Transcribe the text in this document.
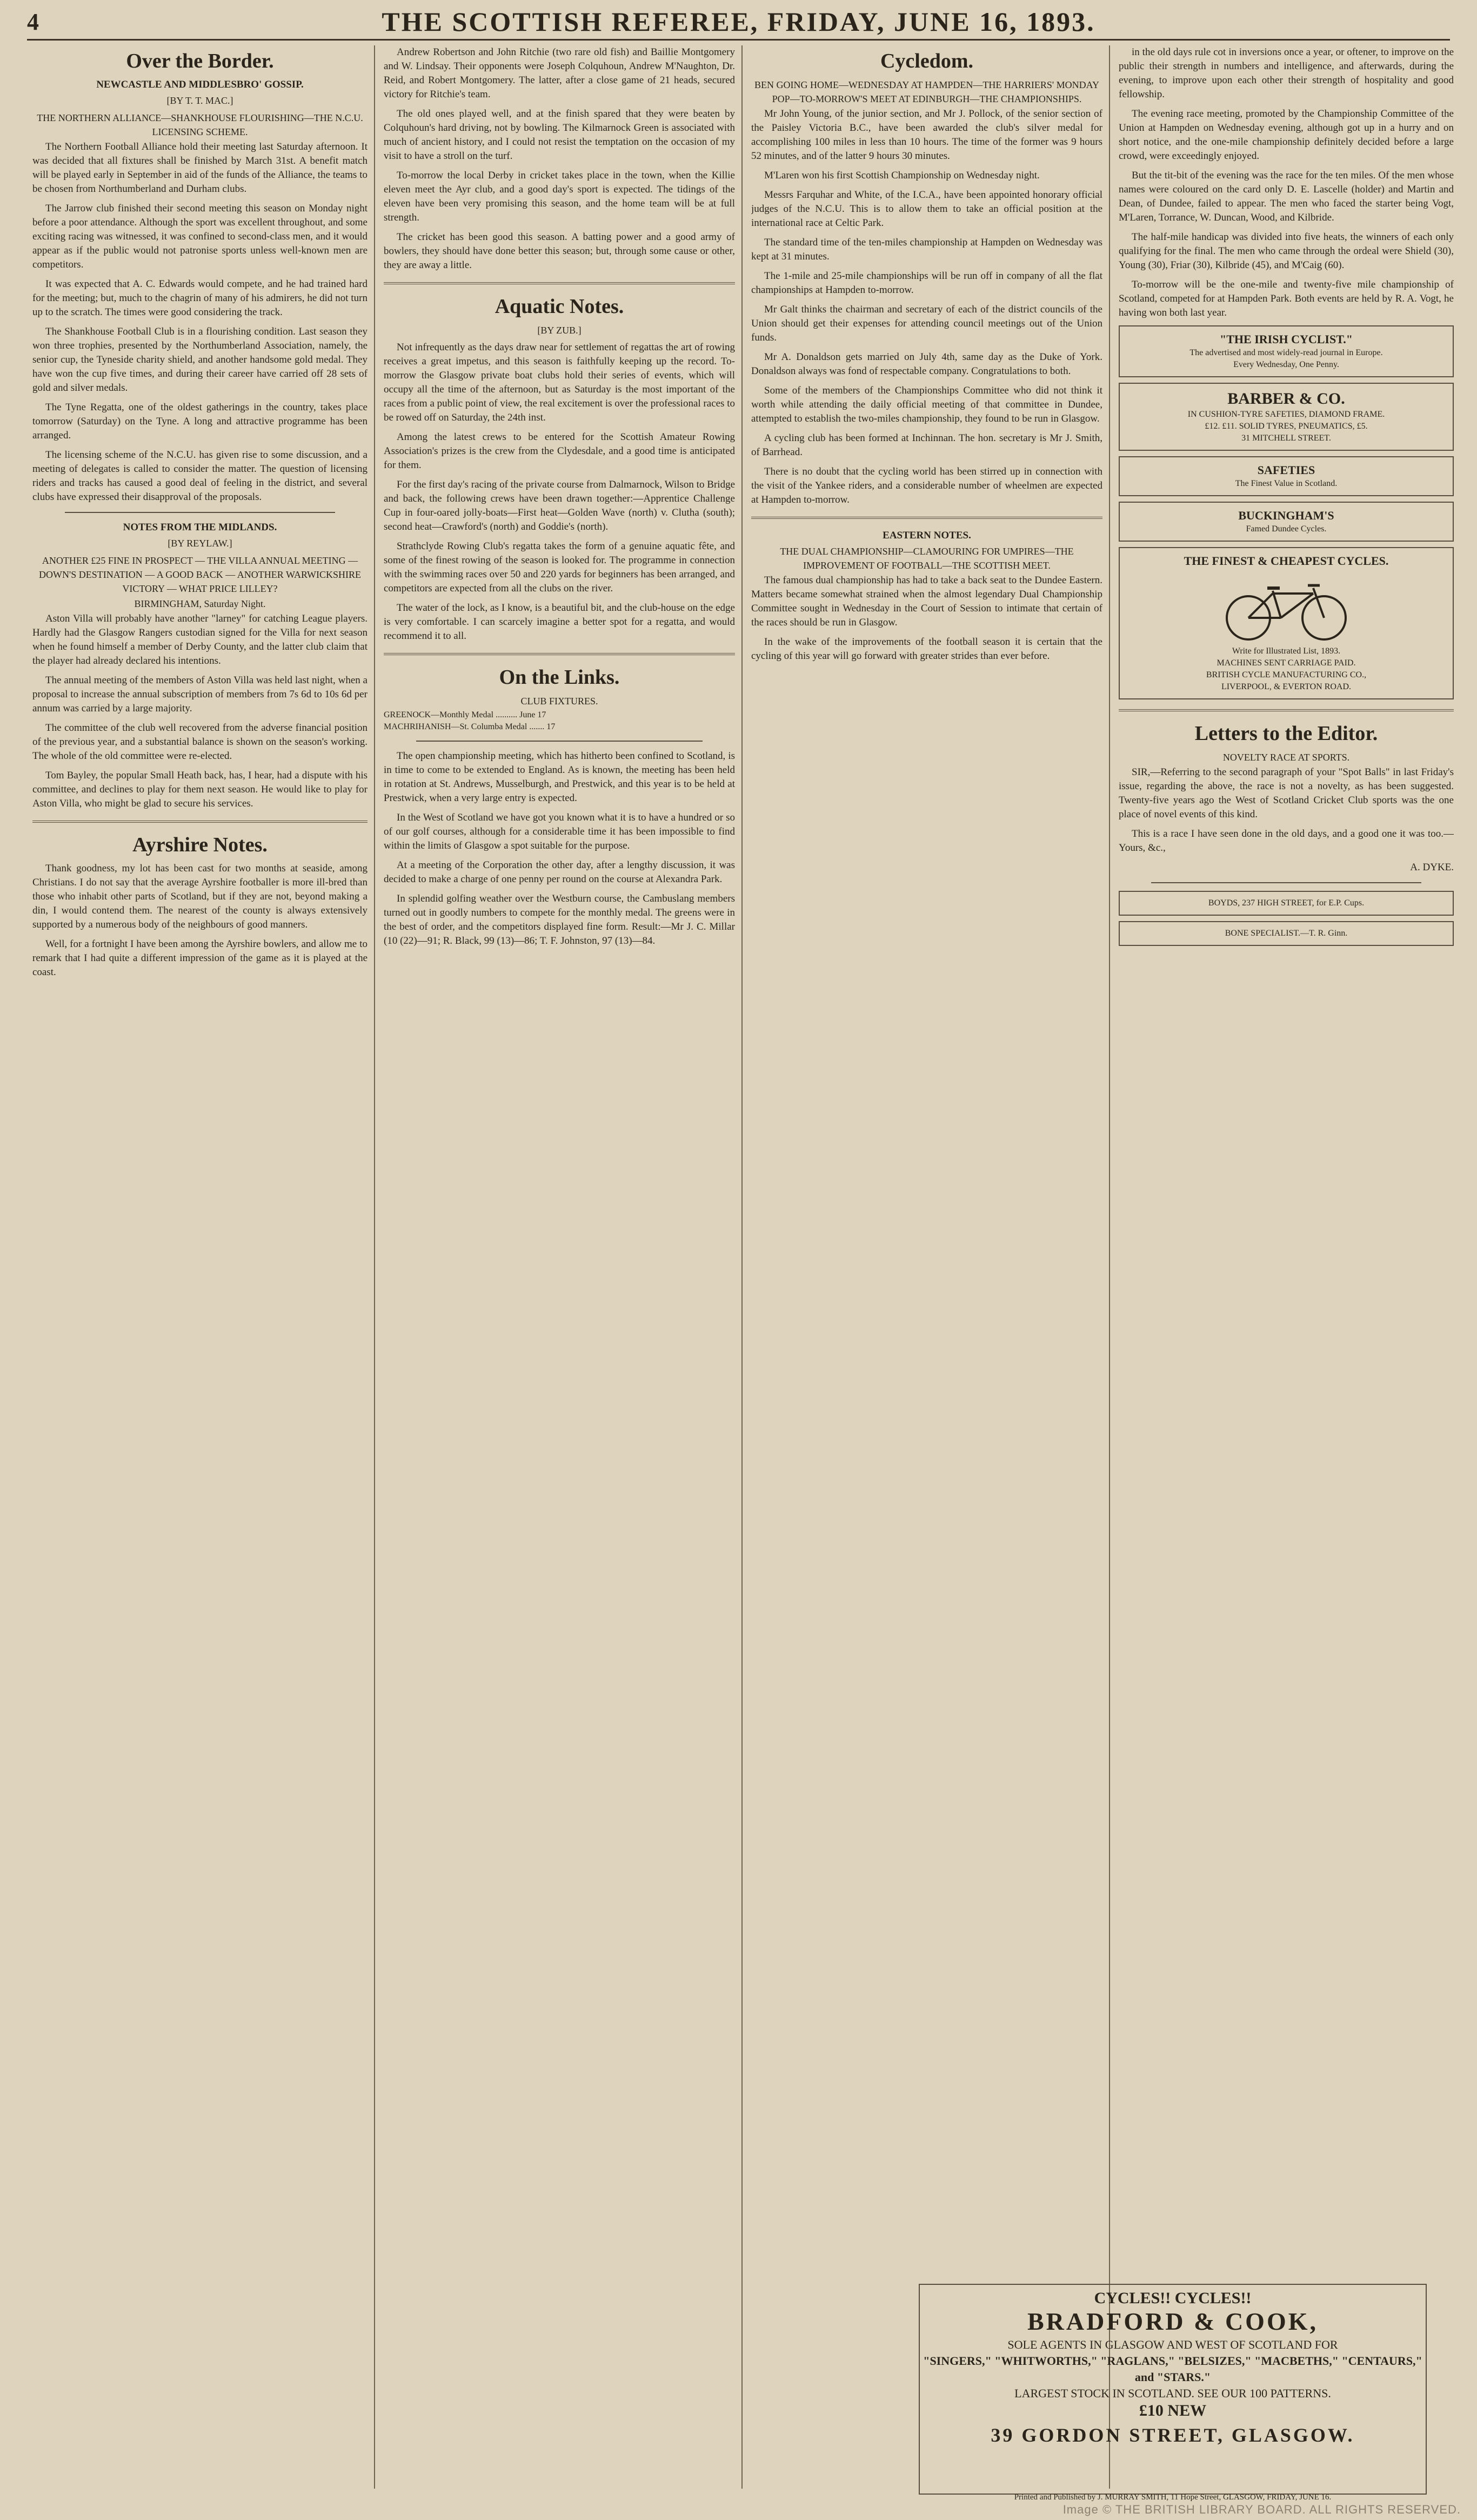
4	THE SCOTTISH REFEREE, FRIDAY, JUNE 16, 1893.
Over the Border.
NEWCASTLE AND MIDDLESBRO' GOSSIP.
[BY T. T. MAC.]
THE NORTHERN ALLIANCE—SHANKHOUSE FLOURISHING—THE N.C.U. LICENSING SCHEME.

The Northern Football Alliance hold their meeting last Saturday afternoon. It was decided that all fixtures shall be finished by March 31st. A benefit match will be played early in September in aid of the funds of the Alliance, the teams to be chosen from Northumberland and Durham clubs.

The Jarrow club finished their second meeting this season on Monday night before a poor attendance. Although the sport was excellent throughout, and some exciting racing was witnessed, it was confined to second-class men, and it would appear as if the public would not patronise sports unless well-known men are competitors.

It was expected that A. C. Edwards would compete, and he had trained hard for the meeting; but, much to the chagrin of many of his admirers, he did not turn up to the scratch. The times were good considering the track.

The Shankhouse Football Club is in a flourishing condition. Last season they won three trophies, presented by the Northumberland Association, namely, the senior cup, the Tyneside charity shield, and another handsome gold medal. They have won the cup five times, and during their career have carried off 28 sets of gold and silver medals.

The Tyne Regatta, one of the oldest gatherings in the country, takes place tomorrow (Saturday) on the Tyne. A long and attractive programme has been arranged.

The licensing scheme of the N.C.U. has given rise to some discussion, and a meeting of delegates is called to consider the matter. The question of licensing riders and tracks has caused a good deal of feeling in the district, and several clubs have expressed their disapproval of the proposals.

NOTES FROM THE MIDLANDS.
[BY REYLAW.]
ANOTHER £25 FINE IN PROSPECT — THE VILLA ANNUAL MEETING — DOWN'S DESTINATION — A GOOD BACK — ANOTHER WARWICKSHIRE VICTORY — WHAT PRICE LILLEY?
BIRMINGHAM, Saturday Night.

Aston Villa will probably have another "larney" for catching League players. Hardly had the Glasgow Rangers custodian signed for the Villa for next season when he found himself a member of Derby County, and the latter club claim that the player had already declared his intentions.

The annual meeting of the members of Aston Villa was held last night, when a proposal to increase the annual subscription of members from 7s 6d to 10s 6d per annum was carried by a large majority.

The committee of the club well recovered from the adverse financial position of the previous year, and a substantial balance is shown on the season's working. The whole of the old committee were re-elected.

Tom Bayley, the popular Small Heath back, has, I hear, had a dispute with his committee, and declines to play for them next season. He would like to play for Aston Villa, who might be glad to secure his services.

Ayrshire Notes.

Thank goodness, my lot has been cast for two months at seaside, among Christians. I do not say that the average Ayrshire footballer is more ill-bred than those who inhabit other parts of Scotland, but if they are not, beyond making a din, I would contend them. The nearest of the county is always extensively supported by a numerous body of the neighbours of good manners.

Well, for a fortnight I have been among the Ayrshire bowlers, and allow me to remark that I had quite a different impression of the game as it is played at the coast.

Andrew Robertson and John Ritchie (two rare old fish) and Baillie Montgomery and W. Lindsay. Their opponents were Joseph Colquhoun, Andrew M'Naughton, Dr. Reid, and Robert Montgomery. The latter, after a close game of 21 heads, secured victory for Ritchie's team.

The old ones played well, and at the finish spared that they were beaten by Colquhoun's hard driving, not by bowling. The Kilmarnock Green is associated with much of ancient history, and I could not resist the temptation on the occasion of my visit to have a stroll on the turf.

To-morrow the local Derby in cricket takes place in the town, when the Killie eleven meet the Ayr club, and a good day's sport is expected. The tidings of the eleven have been very promising this season, and the home team will be at full strength.

The cricket has been good this season. A batting power and a good army of bowlers, they should have done better this season; but, through some cause or other, they are away a little.

Aquatic Notes.
[BY ZUB.]

Not infrequently as the days draw near for settlement of regattas the art of rowing receives a great impetus, and this season is faithfully keeping up the record. To-morrow the Glasgow private boat clubs hold their series of events, which will occupy all the time of the afternoon, but as Saturday is the most important of the races from a public point of view, the real excitement is over the professional races to be rowed off on Saturday, the 24th inst.

Among the latest crews to be entered for the Scottish Amateur Rowing Association's prizes is the crew from the Clydesdale, and a good time is anticipated for them.

For the first day's racing of the private course from Dalmarnock, Wilson to Bridge and back, the following crews have been drawn together:—Apprentice Challenge Cup in four-oared jolly-boats—First heat—Golden Wave (north) v. Clutha (south); second heat—Crawford's (north) and Goddie's (north).

Strathclyde Rowing Club's regatta takes the form of a genuine aquatic fête, and some of the finest rowing of the season is looked for. The programme in connection with the swimming races over 50 and 220 yards for beginners has been arranged, and competitors are expected from all the clubs on the river.

The water of the lock, as I know, is a beautiful bit, and the club-house on the edge is very comfortable. I can scarcely imagine a better spot for a regatta, and would recommend it to all.

On the Links.
CLUB FIXTURES.
GREENOCK—Monthly Medal .......... June 17
MACHRIHANISH—St. Columba Medal ....... 17

The open championship meeting, which has hitherto been confined to Scotland, is in time to come to be extended to England. As is known, the meeting has been held in rotation at St. Andrews, Musselburgh, and Prestwick, and this year is to be held at Prestwick, when a very large entry is expected.

In the West of Scotland we have got you known what it is to have a hundred or so of our golf courses, although for a considerable time it has been impossible to find within the limits of Glasgow a spot suitable for the purpose.

At a meeting of the Corporation the other day, after a lengthy discussion, it was decided to make a charge of one penny per round on the course at Alexandra Park.

In splendid golfing weather over the Westburn course, the Cambuslang members turned out in goodly numbers to compete for the monthly medal. The greens were in the best of order, and the competitors displayed fine form. Result:—Mr J. C. Millar (10 (22)—91; R. Black, 99 (13)—86; T. F. Johnston, 97 (13)—84.

Cycledom.
BEN GOING HOME—WEDNESDAY AT HAMPDEN—THE HARRIERS' MONDAY POP—TO-MORROW'S MEET AT EDINBURGH—THE CHAMPIONSHIPS.

Mr John Young, of the junior section, and Mr J. Pollock, of the senior section of the Paisley Victoria B.C., have been awarded the club's silver medal for accomplishing 100 miles in less than 10 hours. The time of the former was 9 hours 52 minutes, and of the latter 9 hours 30 minutes.

M'Laren won his first Scottish Championship on Wednesday night.

Messrs Farquhar and White, of the I.C.A., have been appointed honorary official judges of the N.C.U. This is to allow them to take an official position at the international race at Celtic Park.

The standard time of the ten-miles championship at Hampden on Wednesday was kept at 31 minutes.

The 1-mile and 25-mile championships will be run off in company of all the flat championships at Hampden to-morrow.

Mr Galt thinks the chairman and secretary of each of the district councils of the Union should get their expenses for attending council meetings out of the Union funds.

Mr A. Donaldson gets married on July 4th, same day as the Duke of York. Donaldson always was fond of respectable company. Congratulations to both.

Some of the members of the Championships Committee who did not think it worth while attending the daily official meeting of that committee in Dundee, attempted to establish the two-miles championship, they found to be run in Glasgow.

A cycling club has been formed at Inchinnan. The hon. secretary is Mr J. Smith, of Barrhead.

There is no doubt that the cycling world has been stirred up in connection with the visit of the Yankee riders, and a considerable number of wheelmen are expected at Hampden to-morrow.

EASTERN NOTES.
THE DUAL CHAMPIONSHIP—CLAMOURING FOR UMPIRES—THE IMPROVEMENT OF FOOTBALL—THE SCOTTISH MEET.

The famous dual championship has had to take a back seat to the Dundee Eastern. Matters became somewhat strained when the almost legendary Dual Championship Committee sought in Wednesday in the Court of Session to intimate that certain of the races should be run in Glasgow.

In the wake of the improvements of the football season it is certain that the cycling of this year will go forward with greater strides than ever before.

in the old days rule cot in inversions once a year, or oftener, to improve on the public their strength in numbers and intelligence, and afterwards, during the evening, to improve upon each other their strength of hospitality and good fellowship.

The evening race meeting, promoted by the Championship Committee of the Union at Hampden on Wednesday evening, although got up in a hurry and on short notice, and the one-mile championship definitely decided before a large crowd, were exceedingly enjoyed.

But the tit-bit of the evening was the race for the ten miles. Of the men whose names were coloured on the card only D. E. Lascelle (holder) and Martin and Dean, of Dundee, failed to appear. The men who faced the starter being Vogt, M'Laren, Torrance, W. Duncan, Wood, and Kilbride.

The half-mile handicap was divided into five heats, the winners of each only qualifying for the final. The men who came through the ordeal were Shield (30), Young (30), Friar (30), Kilbride (45), and M'Caig (60).

To-morrow will be the one-mile and twenty-five mile championship of Scotland, competed for at Hampden Park. Both events are held by R. A. Vogt, he having won both last year.

"THE IRISH CYCLIST."
The advertised and most widely-read journal in Europe.
Every Wednesday, One Penny.
BARBER & CO.
IN CUSHION-TYRE SAFETIES, DIAMOND FRAME.
£12. £11. SOLID TYRES, PNEUMATICS, £5.
31 MITCHELL STREET.
SAFETIES
The Finest Value in Scotland.
BUCKINGHAM'S
Famed Dundee Cycles.
THE FINEST & CHEAPEST CYCLES.
Write for Illustrated List, 1893.
MACHINES SENT CARRIAGE PAID.
BRITISH CYCLE MANUFACTURING CO.,
LIVERPOOL, & EVERTON ROAD.
Letters to the Editor.
NOVELTY RACE AT SPORTS.

SIR,—Referring to the second paragraph of your "Spot Balls" in last Friday's issue, regarding the above, the race is not a novelty, as has been suggested. Twenty-five years ago the West of Scotland Cricket Club sports was the one place of novel events of this kind.

This is a race I have seen done in the old days, and a good one it was too.—Yours, &c.,

A. DYKE.
BOYDS, 237 HIGH STREET, for E.P. Cups.
BONE SPECIALIST.—T. R. Ginn.
CYCLES!! CYCLES!!
BRADFORD & COOK,
SOLE AGENTS IN GLASGOW AND WEST OF SCOTLAND FOR
"SINGERS," "WHITWORTHS," "RAGLANS," "BELSIZES," "MACBETHS," "CENTAURS," and "STARS."
LARGEST STOCK IN SCOTLAND. SEE OUR 100 PATTERNS.
£10 NEW
39 GORDON STREET, GLASGOW.
Printed and Published by J. MURRAY SMITH, 11 Hope Street, GLASGOW, FRIDAY, JUNE 16.
Image © THE BRITISH LIBRARY BOARD. ALL RIGHTS RESERVED.
